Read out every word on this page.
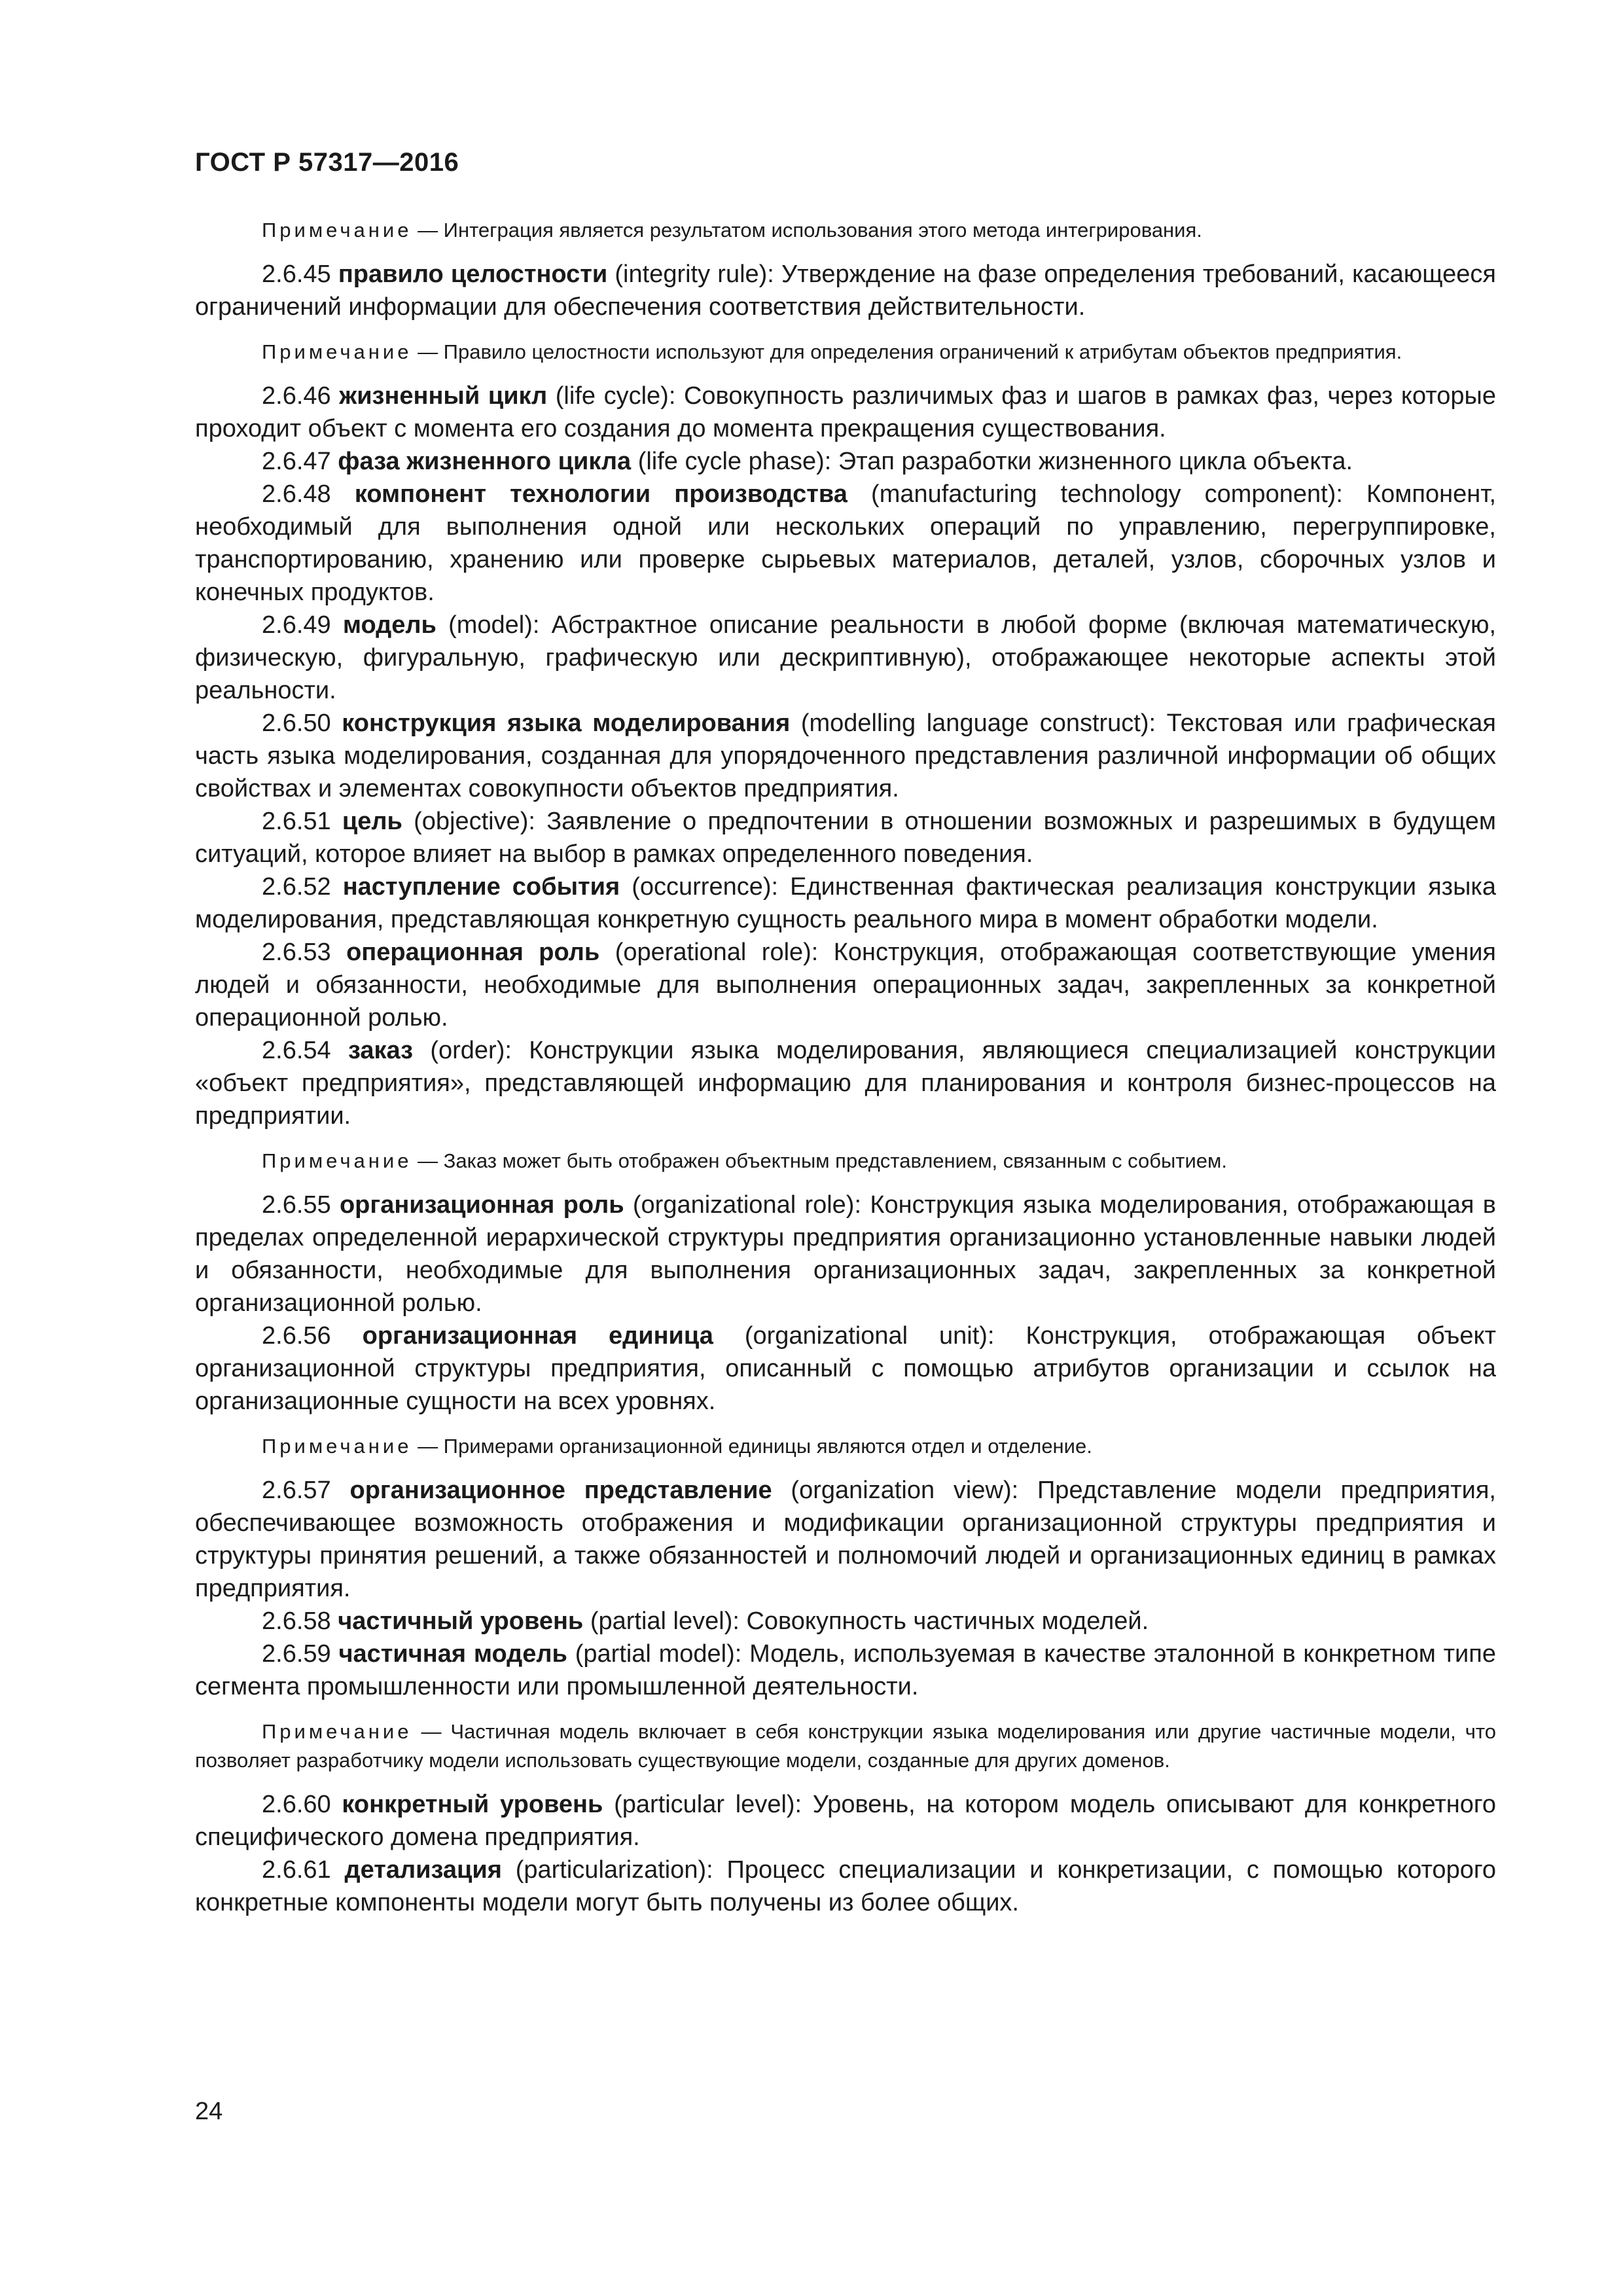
ГОСТ Р 57317—2016

Примечание — Интеграция является результатом использования этого метода интегрирования.

2.6.45 правило целостности (integrity rule): Утверждение на фазе определения требований, касающееся ограничений информации для обеспечения соответствия действительности.

Примечание — Правило целостности используют для определения ограничений к атрибутам объектов предприятия.

2.6.46 жизненный цикл (life cycle): Совокупность различимых фаз и шагов в рамках фаз, через которые проходит объект с момента его создания до момента прекращения существования.

2.6.47 фаза жизненного цикла (life cycle phase): Этап разработки жизненного цикла объекта.

2.6.48 компонент технологии производства (manufacturing technology component): Компонент, необходимый для выполнения одной или нескольких операций по управлению, перегруппировке, транспортированию, хранению или проверке сырьевых материалов, деталей, узлов, сборочных узлов и конечных продуктов.

2.6.49 модель (model): Абстрактное описание реальности в любой форме (включая математическую, физическую, фигуральную, графическую или дескриптивную), отображающее некоторые аспекты этой реальности.

2.6.50 конструкция языка моделирования (modelling language construct): Текстовая или графическая часть языка моделирования, созданная для упорядоченного представления различной информации об общих свойствах и элементах совокупности объектов предприятия.

2.6.51 цель (objective): Заявление о предпочтении в отношении возможных и разрешимых в будущем ситуаций, которое влияет на выбор в рамках определенного поведения.

2.6.52 наступление события (occurrence): Единственная фактическая реализация конструкции языка моделирования, представляющая конкретную сущность реального мира в момент обработки модели.

2.6.53 операционная роль (operational role): Конструкция, отображающая соответствующие умения людей и обязанности, необходимые для выполнения операционных задач, закрепленных за конкретной операционной ролью.

2.6.54 заказ (order): Конструкции языка моделирования, являющиеся специализацией конструкции «объект предприятия», представляющей информацию для планирования и контроля бизнес-процессов на предприятии.

Примечание — Заказ может быть отображен объектным представлением, связанным с событием.

2.6.55 организационная роль (organizational role): Конструкция языка моделирования, отображающая в пределах определенной иерархической структуры предприятия организационно установленные навыки людей и обязанности, необходимые для выполнения организационных задач, закрепленных за конкретной организационной ролью.

2.6.56 организационная единица (organizational unit): Конструкция, отображающая объект организационной структуры предприятия, описанный с помощью атрибутов организации и ссылок на организационные сущности на всех уровнях.

Примечание — Примерами организационной единицы являются отдел и отделение.

2.6.57 организационное представление (organization view): Представление модели предприятия, обеспечивающее возможность отображения и модификации организационной структуры предприятия и структуры принятия решений, а также обязанностей и полномочий людей и организационных единиц в рамках предприятия.

2.6.58 частичный уровень (partial level): Совокупность частичных моделей.

2.6.59 частичная модель (partial model): Модель, используемая в качестве эталонной в конкретном типе сегмента промышленности или промышленной деятельности.

Примечание — Частичная модель включает в себя конструкции языка моделирования или другие частичные модели, что позволяет разработчику модели использовать существующие модели, созданные для других доменов.

2.6.60 конкретный уровень (particular level): Уровень, на котором модель описывают для конкретного специфического домена предприятия.

2.6.61 детализация (particularization): Процесс специализации и конкретизации, с помощью которого конкретные компоненты модели могут быть получены из более общих.

24
